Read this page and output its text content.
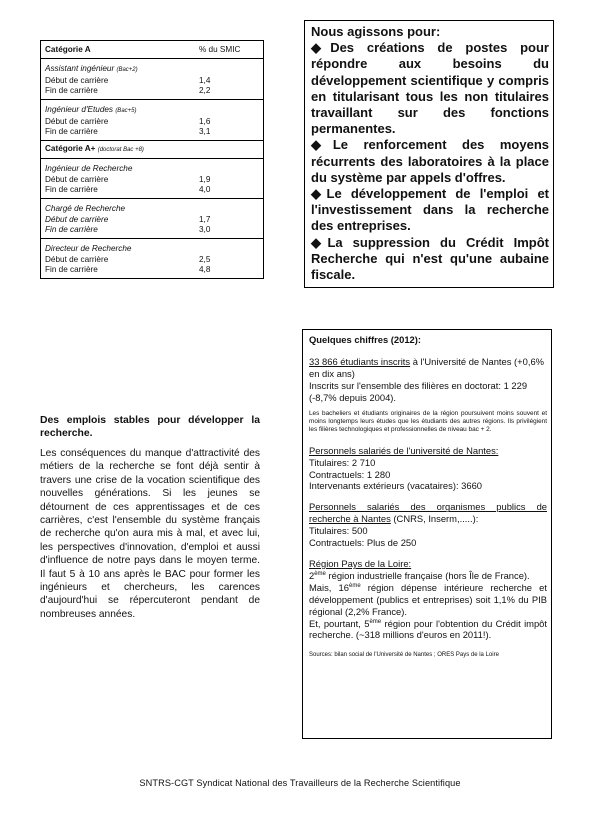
Catégorie A	% du SMIC
Assistant ingénieur (Bac+2)
Début de carrière	1,4
Fin de carrière	2,2
Ingénieur d'Etudes (Bac+5)
Début de carrière	1,6
Fin de carrière	3,1
Catégorie A+ (doctorat Bac +8)
Ingénieur de Recherche
Début de carrière	1,9
Fin de carrière	4,0
Chargé de Recherche
Début de carrière	1,7
Fin de carrière	3,0
Directeur de Recherche
Début de carrière	2,5
Fin de carrière	4,8

Nous agissons pour:

◆Des créations de postes pour répondre aux besoins du développement scientifique y compris en titularisant tous les non titulaires travaillant sur des fonctions permanentes.

◆Le renforcement des moyens récurrents des laboratoires à la place du système par appels d'offres.

◆Le développement de l'emploi et l'investissement dans la recherche des entreprises.

◆La suppression du Crédit Impôt Recherche qui n'est qu'une aubaine fiscale.

Des emplois stables pour développer la recherche.

Les conséquences du manque d'attractivité des métiers de la recherche se font déjà sentir à travers une crise de la vocation scientifique des nouvelles générations. Si les jeunes se détournent de ces apprentissages et de ces carrières, c'est l'ensemble du système français de recherche qu'on aura mis à mal, et avec lui, les perspectives d'innovation, d'emploi et aussi d'influence de notre pays dans le moyen terme. Il faut 5 à 10 ans après le BAC pour former les ingénieurs et chercheurs, les carences d'aujourd'hui se répercuteront pendant de nombreuses années.

Quelques chiffres (2012):

33 866 étudiants inscrits à l'Université de Nantes (+0,6% en dix ans)

Inscrits sur l'ensemble des filières en doctorat: 1 229 (-8,7% depuis 2004).

Les bacheliers et étudiants originaires de la région poursuivent moins souvent et moins longtemps leurs études que les étudiants des autres régions. Ils privilégient les filières technologiques et professionnelles de niveau bac + 2.

Personnels salariés de l'université de Nantes:

Titulaires: 2 710

Contractuels: 1 280

Intervenants extérieurs (vacataires): 3660

Personnels salariés des organismes publics de recherche à Nantes (CNRS, Inserm,.....):

Titulaires: 500

Contractuels: Plus de 250

Région Pays de la Loire:

2ème région industrielle française (hors Île de France).

Mais, 16ème région dépense intérieure recherche et développement (publics et entreprises) soit 1,1% du PIB régional (2,2% France).

Et, pourtant, 5ème région pour l'obtention du Crédit impôt recherche. (~318 millions d'euros en 2011!).

Sources: bilan social de l'Université de Nantes ; ORES Pays de la Loire

SNTRS-CGT Syndicat National des Travailleurs de la Recherche Scientifique
